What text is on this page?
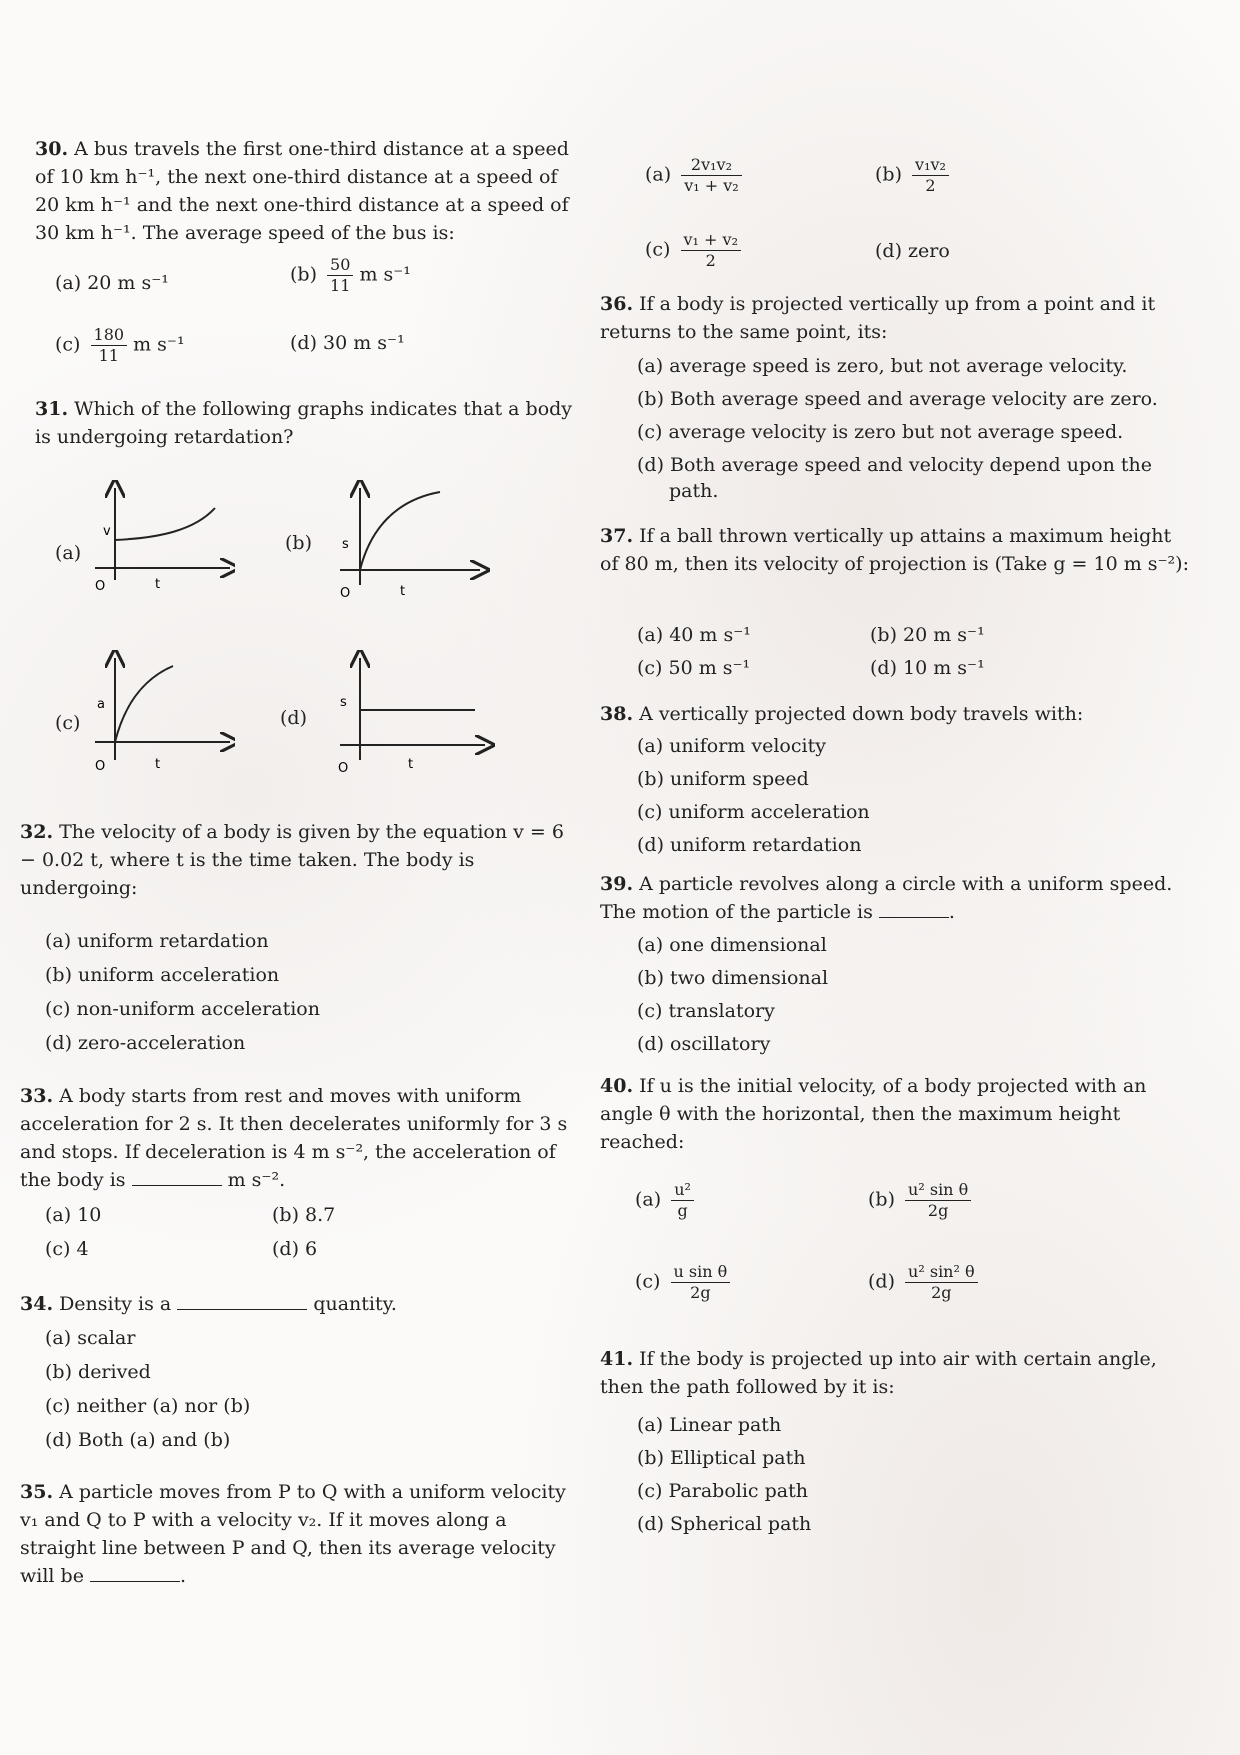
30. A bus travels the first one-third distance at a speed of 10 km h⁻¹, the next one-third distance at a speed of 20 km h⁻¹ and the next one-third distance at a speed of 30 km h⁻¹. The average speed of the bus is:
(a) 20 m s⁻¹	$(b) \frac{50}{11}$ m s⁻¹
$(c) \frac{180}{11}$ m s⁻¹	(d) 30 m s⁻¹
31. Which of the following graphs indicates that a body is undergoing retardation?
(a)
v
t
O
(b) s
t
O
(c)
a
t
O
(d)
s
t
O
32. The velocity of a body is given by the equation v = 6 − 0.02 t, where t is the time taken. The body is undergoing:
(a) uniform retardation
(b) uniform acceleration
(c) non-uniform acceleration
(d) zero-acceleration
33. A body starts from rest and moves with uniform acceleration for 2 s. It then decelerates uniformly for 3 s and stops. If deceleration is 4 m s⁻², the acceleration of the body is	m s⁻².
(a) 10	(b) 8.7
(c) 4	(d) 6
34. Density is a	quantity.
(a) scalar
(b) derived
(c) neither (a) nor (b)
(d) Both (a) and (b)
35. A particle moves from P to Q with a uniform velocity v₁ and Q to P with a velocity v₂. If it moves along a straight line between P and Q, then its average velocity will be	.
$(a) \frac{\text{2v₁v₂}}{\text{v₁ + v₂}}$	$(b) \frac{\text{v₁v₂}}{2}$
$(c) \frac{\text{v₁ + v₂}}{2}$	(d) zero
36. If a body is projected vertically up from a point and it returns to the same point, its:
(a) average speed is zero, but not average velocity.
(b) Both average speed and average velocity are zero.
(c) average velocity is zero but not average speed.
(d) Both average speed and velocity depend upon the path.
37. If a ball thrown vertically up attains a maximum height of 80 m, then its velocity of projection is (Take g = 10 m s⁻²):
(a) 40 m s⁻¹	(b) 20 m s⁻¹
(c) 50 m s⁻¹	(d) 10 m s⁻¹
38. A vertically projected down body travels with:
(a) uniform velocity
(b) uniform speed
(c) uniform acceleration
(d) uniform retardation
39. A particle revolves along a circle with a uniform speed. The motion of the particle is	.
(a) one dimensional
(b) two dimensional
(c) translatory
(d) oscillatory
40. If u is the initial velocity, of a body projected with an angle θ with the horizontal, then the maximum height reached:
$(a) \frac{\text{u²}}{g}$	$(b) \frac{\text{u² sin θ}}{2g}$
$(c) \frac{\text{u sin θ}}{2g}$	$(d) \frac{\text{u² sin² θ}}{2g}$
41. If the body is projected up into air with certain angle, then the path followed by it is:
(a) Linear path
(b) Elliptical path
(c) Parabolic path
(d) Spherical path
